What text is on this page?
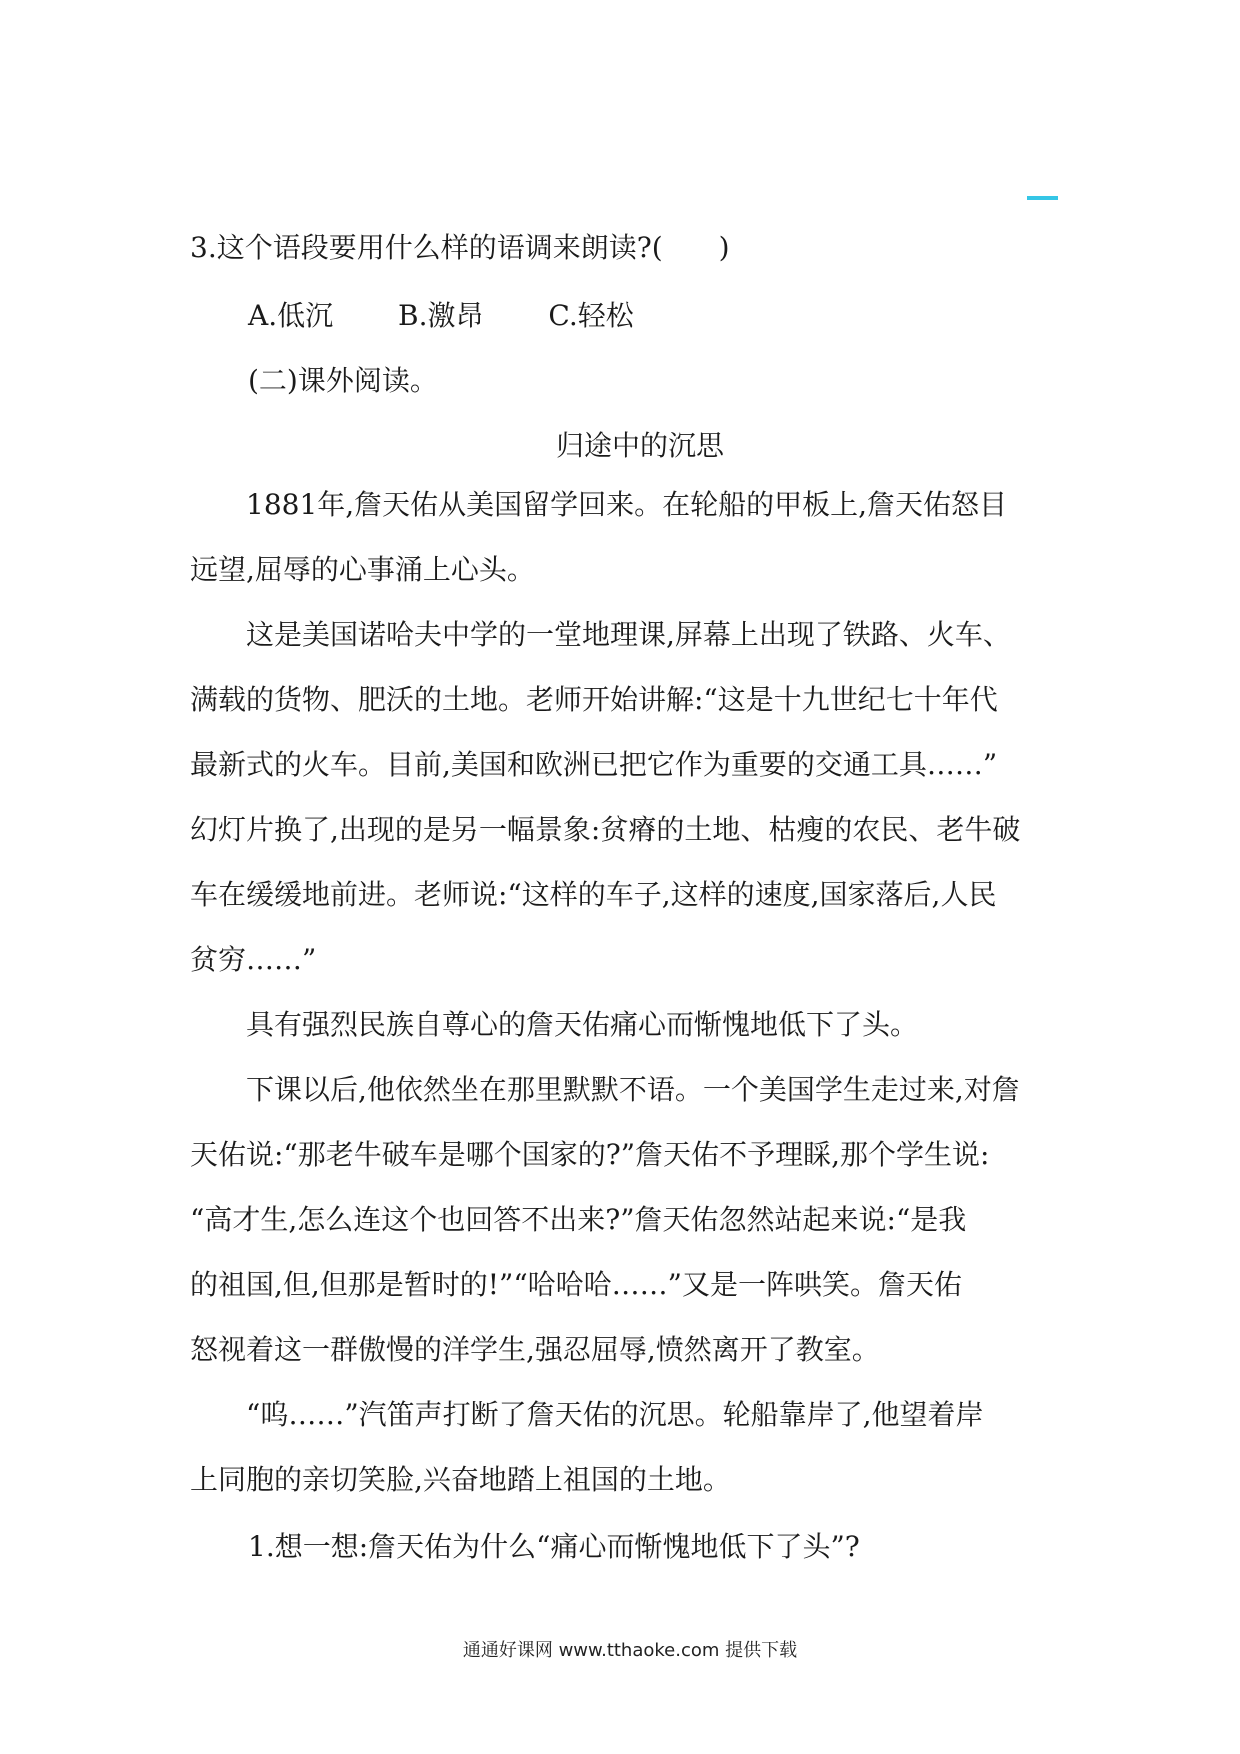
3.这个语段要用什么样的语调来朗读?(　　)
A.低沉 B.激昂 C.轻松
(二)课外阅读。
归途中的沉思
　　1881年,詹天佑从美国留学回来。在轮船的甲板上,詹天佑怒目
远望,屈辱的心事涌上心头。
　　这是美国诺哈夫中学的一堂地理课,屏幕上出现了铁路、火车、
满载的货物、肥沃的土地。老师开始讲解:“这是十九世纪七十年代
最新式的火车。目前,美国和欧洲已把它作为重要的交通工具……”
幻灯片换了,出现的是另一幅景象:贫瘠的土地、枯瘦的农民、老牛破
车在缓缓地前进。老师说:“这样的车子,这样的速度,国家落后,人民
贫穷……”
　　具有强烈民族自尊心的詹天佑痛心而惭愧地低下了头。
　　下课以后,他依然坐在那里默默不语。一个美国学生走过来,对詹
天佑说:“那老牛破车是哪个国家的?”詹天佑不予理睬,那个学生说:
“高才生,怎么连这个也回答不出来?”詹天佑忽然站起来说:“是我
的祖国,但,但那是暂时的!”“哈哈哈……”又是一阵哄笑。詹天佑
怒视着这一群傲慢的洋学生,强忍屈辱,愤然离开了教室。
　　“呜……”汽笛声打断了詹天佑的沉思。轮船靠岸了,他望着岸
上同胞的亲切笑脸,兴奋地踏上祖国的土地。
1.想一想:詹天佑为什么“痛心而惭愧地低下了头”?
通通好课网 www.tthaoke.com 提供下载
